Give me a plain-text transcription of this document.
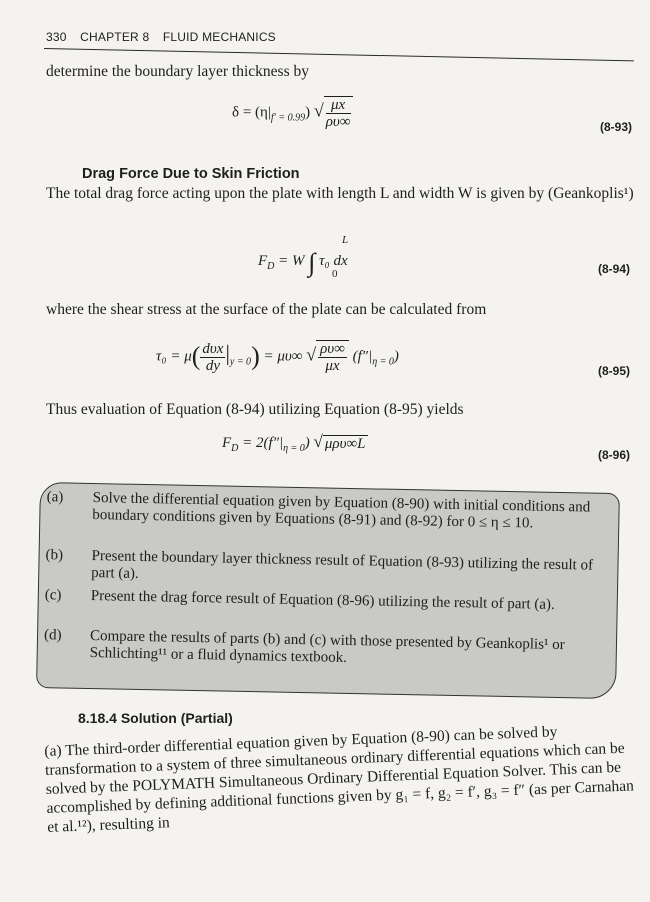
330 CHAPTER 8 FLUID MECHANICS

determine the boundary layer thickness by

$\delta = (\eta|_{f' = 0.99})$ √ $\frac{\mu x}{\rho\upsilon\infty}$	(8-93)
Drag Force Due to Skin Friction

The total drag force acting upon the plate with length L and width W is given by (Geankoplis¹)

$F_D = W$ ∫
L
0
τ₀ dx	(8-94)

where the shear stress at the surface of the plate can be calculated from

$\tau_0 = \mu( \frac{\text{dυx}}{dy} |_{y = 0}) = \mu\upsilon\infty$ √ $\frac{\rho\upsilon\infty}{\mu x} (f''|_{\eta = 0})$
(8-95)

Thus evaluation of Equation (8-94) utilizing Equation (8-95) yields

$F_D = 2(f''|_{\eta = 0})$ √ μρυ∞L
(8-96)
(a) Solve the differential equation given by Equation (8-90) with initial conditions and boundary conditions given by Equations (8-91) and (8-92) for 0 ≤ η ≤ 10.

(b) Present the boundary layer thickness result of Equation (8-93) utilizing the result of part (a).

(c) Present the drag force result of Equation (8-96) utilizing the result of part (a).

(d) Compare the results of parts (b) and (c) with those presented by Geankoplis¹ or Schlichting¹¹ or a fluid dynamics textbook.

8.18.4 Solution (Partial)

(a) The third-order differential equation given by Equation (8-90) can be solved by transformation to a system of three simultaneous ordinary differential equations which can be solved by the POLYMATH Simultaneous Ordinary Differential Equation Solver. This can be accomplished by defining additional functions given by g₁ = f, g₂ = f′, g₃ = f″ (as per Carnahan et al.¹²), resulting in
